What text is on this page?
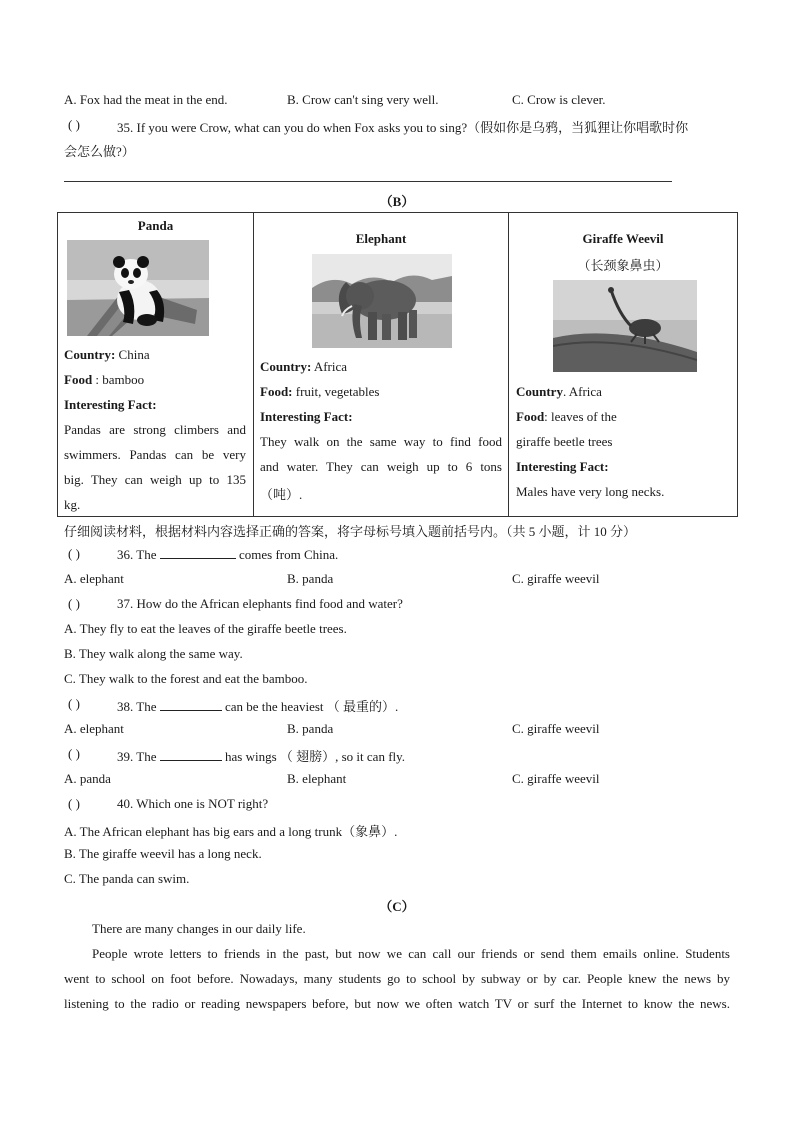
A. Fox had the meat in the end.	B. Crow can't sing very well.	C. Crow is clever.
( )	35. If you were Crow, what can you do when Fox asks you to sing?（假如你是乌鸦，当狐狸让你唱歌时你
会怎么做?）
（B）
Panda
Country: China
Food : bamboo
Interesting Fact:
Pandas are strong climbers and
swimmers. Pandas can be very
big. They can weigh up to 135
kg.

Elephant
Country: Africa
Food: fruit, vegetables
Interesting Fact:
They walk on the same way to find food
and water. They can weigh up to 6 tons
（吨）.

Giraffe Weevil
（长颈象鼻虫）
Country. Africa
Food: leaves of the
giraffe beetle trees
Interesting Fact:
Males have very long necks.
仔细阅读材料，根据材料内容选择正确的答案，将字母标号填入题前括号内。（共 5 小题，计 10 分）
( )	36. The	comes from China.
A. elephant	B. panda	C. giraffe weevil
( )	37. How do the African elephants find food and water?
A. They fly to eat the leaves of the giraffe beetle trees.
B. They walk along the same way.
C. They walk to the forest and eat the bamboo.
( )	38. The	can be the heaviest （ 最重的）.
A. elephant	B. panda	C. giraffe weevil
( )	39. The	has wings （ 翅膀）, so it can fly.
A. panda	B. elephant	C. giraffe weevil
( )	40. Which one is NOT right?
A. The African elephant has big ears and a long trunk（象鼻）.
B. The giraffe weevil has a long neck.
C. The panda can swim.
（C）
There are many changes in our daily life.
People wrote letters to friends in the past, but now we can call our friends or send them emails online. Students
went to school on foot before. Nowadays, many students go to school by subway or by car. People knew the news by
listening to the radio or reading newspapers before, but now we often watch TV or surf the Internet to know the news.
